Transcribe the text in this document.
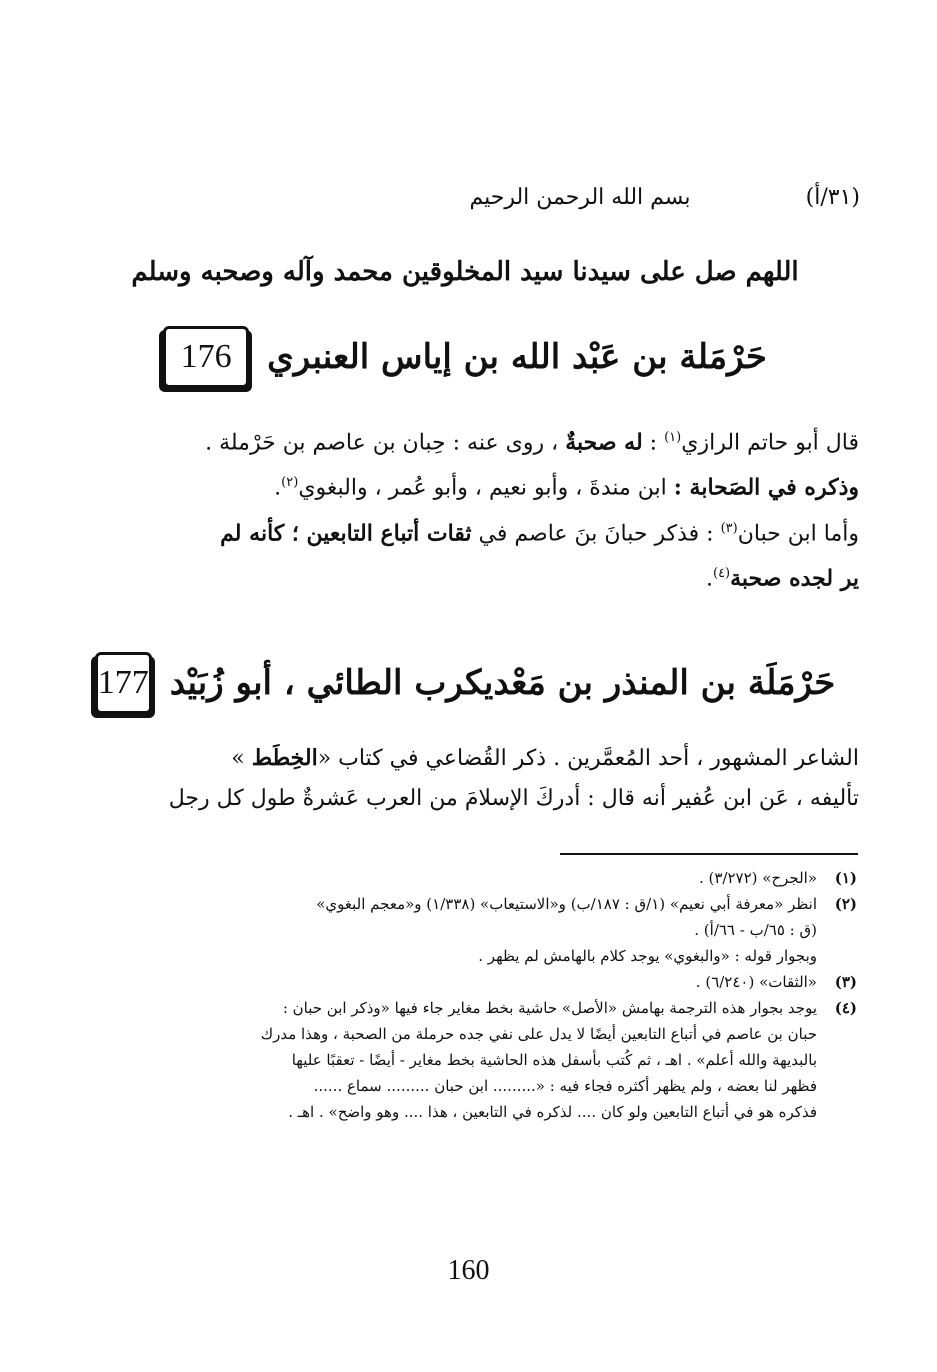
بسم الله الرحمن الرحيم	(٣١/أ)
اللهم صل على سيدنا سيد المخلوقين محمد وآله وصحبه وسلم
176	حَرْمَلة بن عَبْد الله بن إياس العنبري
قال أبو حاتم الرازي$^{(١)}$ : له صحبةٌ ، روى عنه : حِبان بن عاصم بن حَرْملة .
وذكره في الصَحابة : ابن مندةَ ، وأبو نعيم ، وأبو عُمر ، والبغوي$^{(٢)}$.
وأما ابن حبان$^{(٣)}$ : فذكر حبانَ بنَ عاصم في ثقات أتباع التابعين ؛ كأنه لم
ير لجده صحبة$^{(٤)}$.
177 حَرْمَلَة بن المنذر بن مَعْديكرب الطائي ، أبو زُبَيْد
الشاعر المشهور ، أحد المُعمَّرين . ذكر القُضاعي في كتاب «الخِطَط »
تأليفه ، عَن ابن عُفير أنه قال : أدركَ الإسلامَ من العرب عَشرةٌ طول كل رجل
(١)
«الجرح» (٣/٢٧٢) .
(٢)
انظر «معرفة أبي نعيم» (١/ق : ١٨٧/ب) و«الاستيعاب» (١/٣٣٨) و«معجم البغوي»
(ق : ٦٥/ب - ٦٦/أ) .
وبجوار قوله : «والبغوي» يوجد كلام بالهامش لم يظهر .
(٣)
«الثقات» (٦/٢٤٠) .
(٤)
يوجد بجوار هذه الترجمة بهامش «الأصل» حاشية بخط مغاير جاء فيها «وذكر ابن حبان :
حبان بن عاصم في أتباع التابعين أيضًا لا يدل على نفي جده حرملة من الصحبة ، وهذا مدرك
بالبديهة والله أعلم» . اهـ ، ثم كُتب بأسفل هذه الحاشية بخط مغاير - أيضًا - تعقبًا عليها
فظهر لنا بعضه ، ولم يظهر أكثره فجاء فيه : «......... ابن حبان ......... سماع ......
فذكره هو في أتباع التابعين ولو كان .... لذكره في التابعين ، هذا .... وهو واضح» . اهـ .
160
